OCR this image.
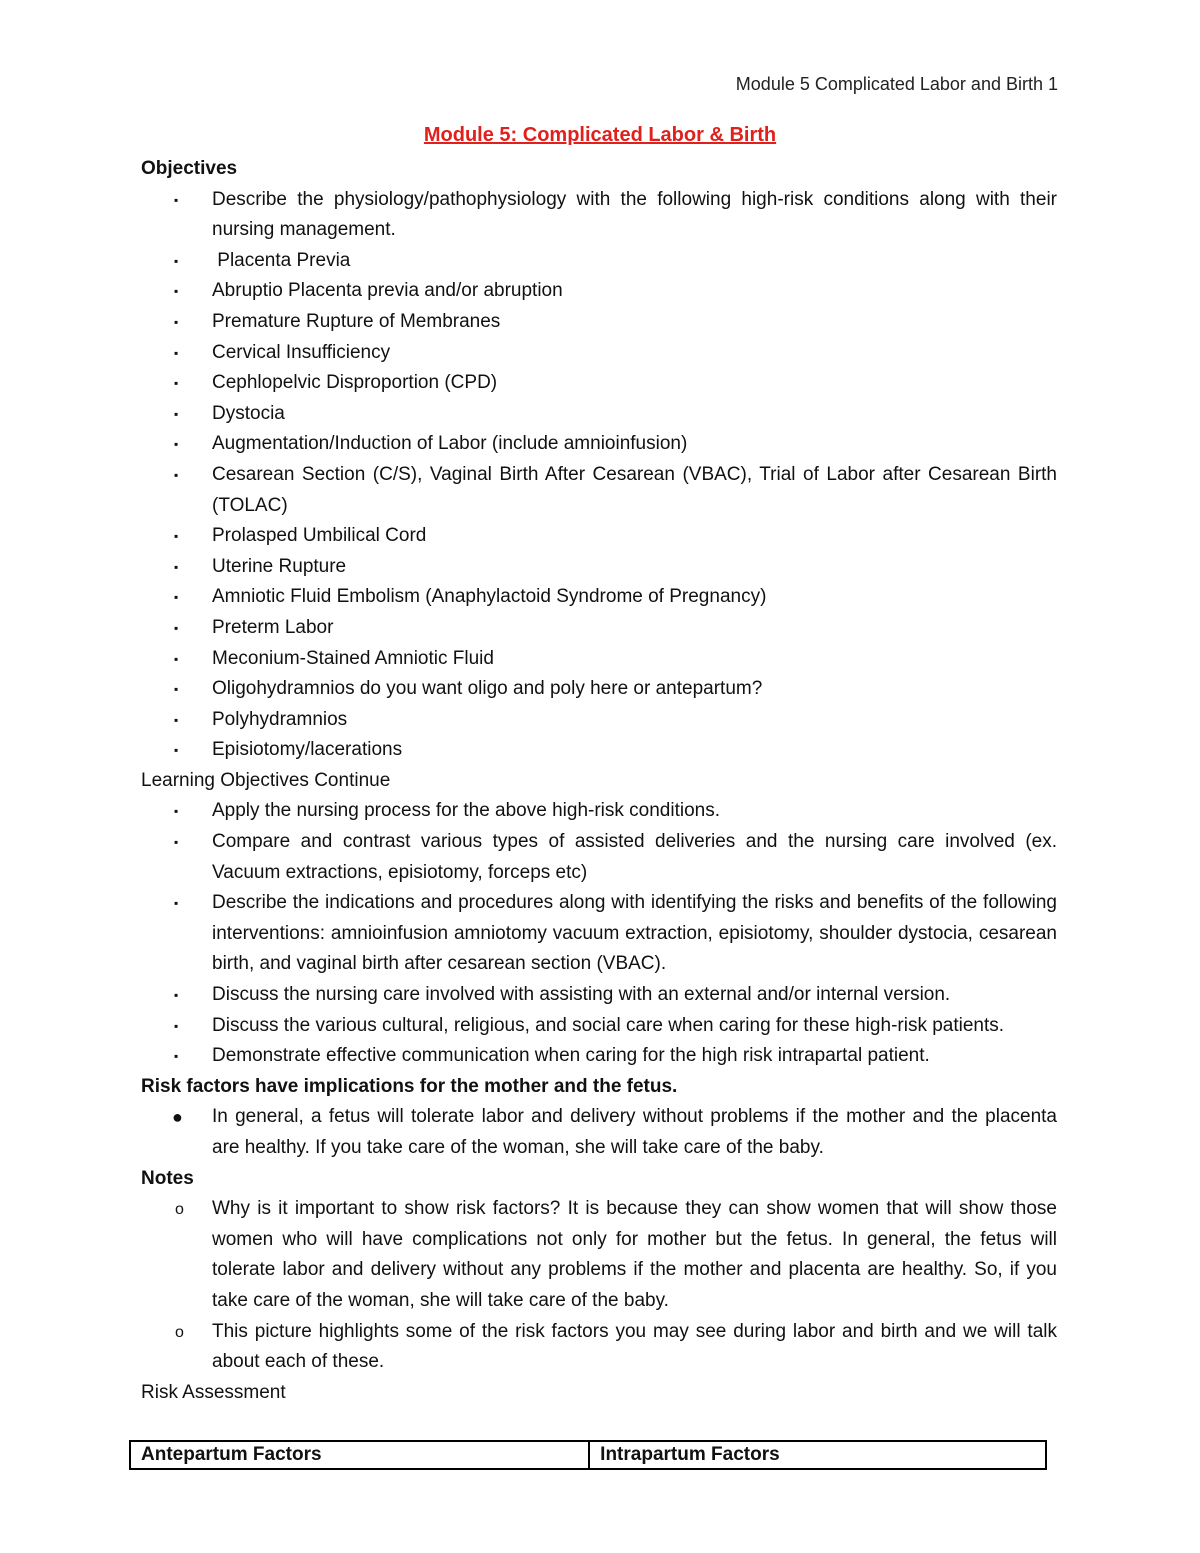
Module 5 Complicated Labor and Birth 1
Module 5: Complicated Labor & Birth
Objectives
▪ Describe the physiology/pathophysiology with the following high-risk conditions along with their nursing management.
▪  Placenta Previa
▪ Abruptio Placenta previa and/or abruption
▪ Premature Rupture of Membranes
▪ Cervical Insufficiency
▪ Cephlopelvic Disproportion (CPD)
▪ Dystocia
▪ Augmentation/Induction of Labor (include amnioinfusion)
▪ Cesarean Section (C/S), Vaginal Birth After Cesarean (VBAC), Trial of Labor after Cesarean Birth (TOLAC)
▪ Prolasped Umbilical Cord
▪ Uterine Rupture
▪ Amniotic Fluid Embolism (Anaphylactoid Syndrome of Pregnancy)
▪ Preterm Labor
▪ Meconium-Stained Amniotic Fluid
▪ Oligohydramnios do you want oligo and poly here or antepartum?
▪ Polyhydramnios
▪ Episiotomy/lacerations
Learning Objectives Continue
▪ Apply the nursing process for the above high-risk conditions.
▪ Compare and contrast various types of assisted deliveries and the nursing care involved (ex. Vacuum extractions, episiotomy, forceps etc)
▪ Describe the indications and procedures along with identifying the risks and benefits of the following interventions: amnioinfusion amniotomy vacuum extraction, episiotomy, shoulder dystocia, cesarean birth, and vaginal birth after cesarean section (VBAC).
▪ Discuss the nursing care involved with assisting with an external and/or internal version.
▪ Discuss the various cultural, religious, and social care when caring for these high-risk patients.
▪ Demonstrate effective communication when caring for the high risk intrapartal patient.
Risk factors have implications for the mother and the fetus.
● In general, a fetus will tolerate labor and delivery without problems if the mother and the placenta are healthy. If you take care of the woman, she will take care of the baby.
Notes
o Why is it important to show risk factors? It is because they can show women that will show those women who will have complications not only for mother but the fetus. In general, the fetus will tolerate labor and delivery without any problems if the mother and placenta are healthy. So, if you take care of the woman, she will take care of the baby.
o This picture highlights some of the risk factors you may see during labor and birth and we will talk about each of these.
Risk Assessment
Antepartum Factors	Intrapartum Factors
